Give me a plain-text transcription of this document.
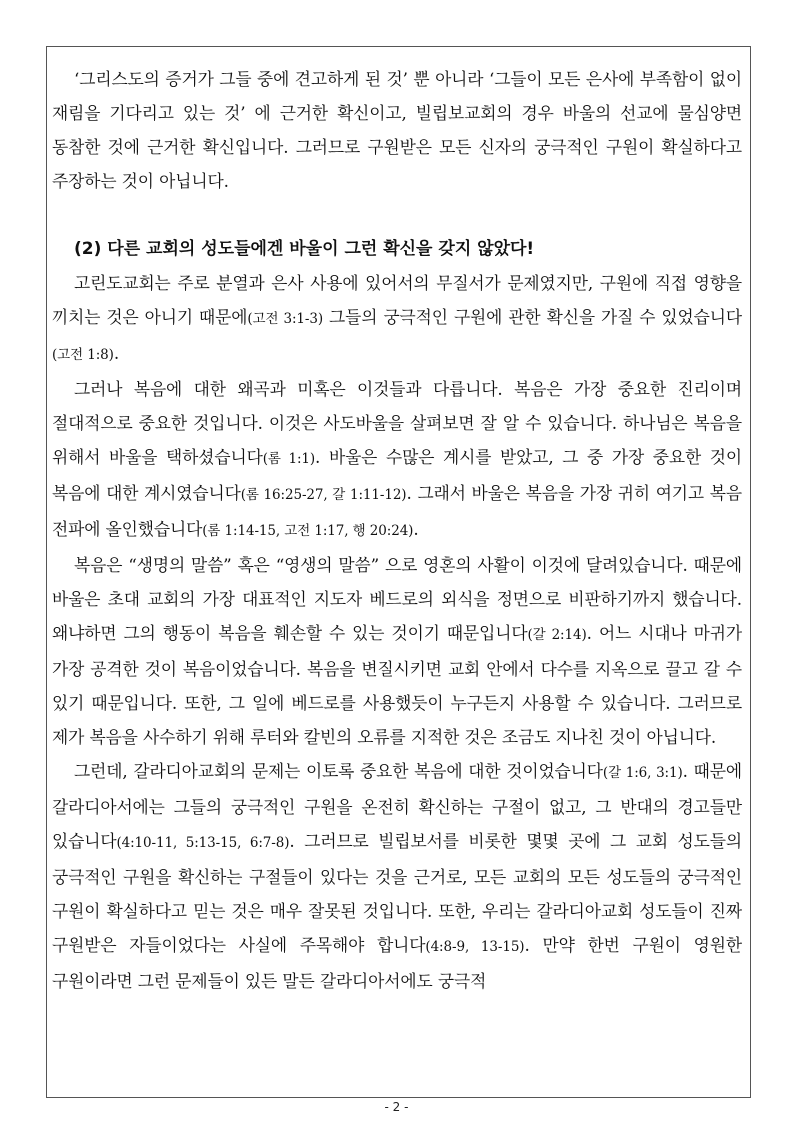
‘그리스도의 증거가 그들 중에 견고하게 된 것’ 뿐 아니라 ‘그들이 모든 은사에 부족함이 없이 재림을 기다리고 있는 것’ 에 근거한 확신이고, 빌립보교회의 경우 바울의 선교에 물심양면 동참한 것에 근거한 확신입니다. 그러므로 구원받은 모든 신자의 궁극적인 구원이 확실하다고 주장하는 것이 아닙니다.

(2) 다른 교회의 성도들에겐 바울이 그런 확신을 갖지 않았다!

고린도교회는 주로 분열과 은사 사용에 있어서의 무질서가 문제였지만, 구원에 직접 영향을 끼치는 것은 아니기 때문에(고전 3:1-3) 그들의 궁극적인 구원에 관한 확신을 가질 수 있었습니다(고전 1:8).

그러나 복음에 대한 왜곡과 미혹은 이것들과 다릅니다. 복음은 가장 중요한 진리이며 절대적으로 중요한 것입니다. 이것은 사도바울을 살펴보면 잘 알 수 있습니다. 하나님은 복음을 위해서 바울을 택하셨습니다(롬 1:1). 바울은 수많은 계시를 받았고, 그 중 가장 중요한 것이 복음에 대한 계시였습니다(롬 16:25-27, 갈 1:11-12). 그래서 바울은 복음을 가장 귀히 여기고 복음 전파에 올인했습니다(롬 1:14-15, 고전 1:17, 행 20:24).

복음은 “생명의 말씀” 혹은 “영생의 말씀” 으로 영혼의 사활이 이것에 달려있습니다. 때문에 바울은 초대 교회의 가장 대표적인 지도자 베드로의 외식을 정면으로 비판하기까지 했습니다. 왜냐하면 그의 행동이 복음을 훼손할 수 있는 것이기 때문입니다(갈 2:14). 어느 시대나 마귀가 가장 공격한 것이 복음이었습니다. 복음을 변질시키면 교회 안에서 다수를 지옥으로 끌고 갈 수 있기 때문입니다. 또한, 그 일에 베드로를 사용했듯이 누구든지 사용할 수 있습니다. 그러므로 제가 복음을 사수하기 위해 루터와 칼빈의 오류를 지적한 것은 조금도 지나친 것이 아닙니다.

그런데, 갈라디아교회의 문제는 이토록 중요한 복음에 대한 것이었습니다(갈 1:6, 3:1). 때문에 갈라디아서에는 그들의 궁극적인 구원을 온전히 확신하는 구절이 없고, 그 반대의 경고들만 있습니다(4:10-11, 5:13-15, 6:7-8). 그러므로 빌립보서를 비롯한 몇몇 곳에 그 교회 성도들의 궁극적인 구원을 확신하는 구절들이 있다는 것을 근거로, 모든 교회의 모든 성도들의 궁극적인 구원이 확실하다고 믿는 것은 매우 잘못된 것입니다. 또한, 우리는 갈라디아교회 성도들이 진짜 구원받은 자들이었다는 사실에 주목해야 합니다(4:8-9, 13-15). 만약 한번 구원이 영원한 구원이라면 그런 문제들이 있든 말든 갈라디아서에도 궁극적

- 2 -
